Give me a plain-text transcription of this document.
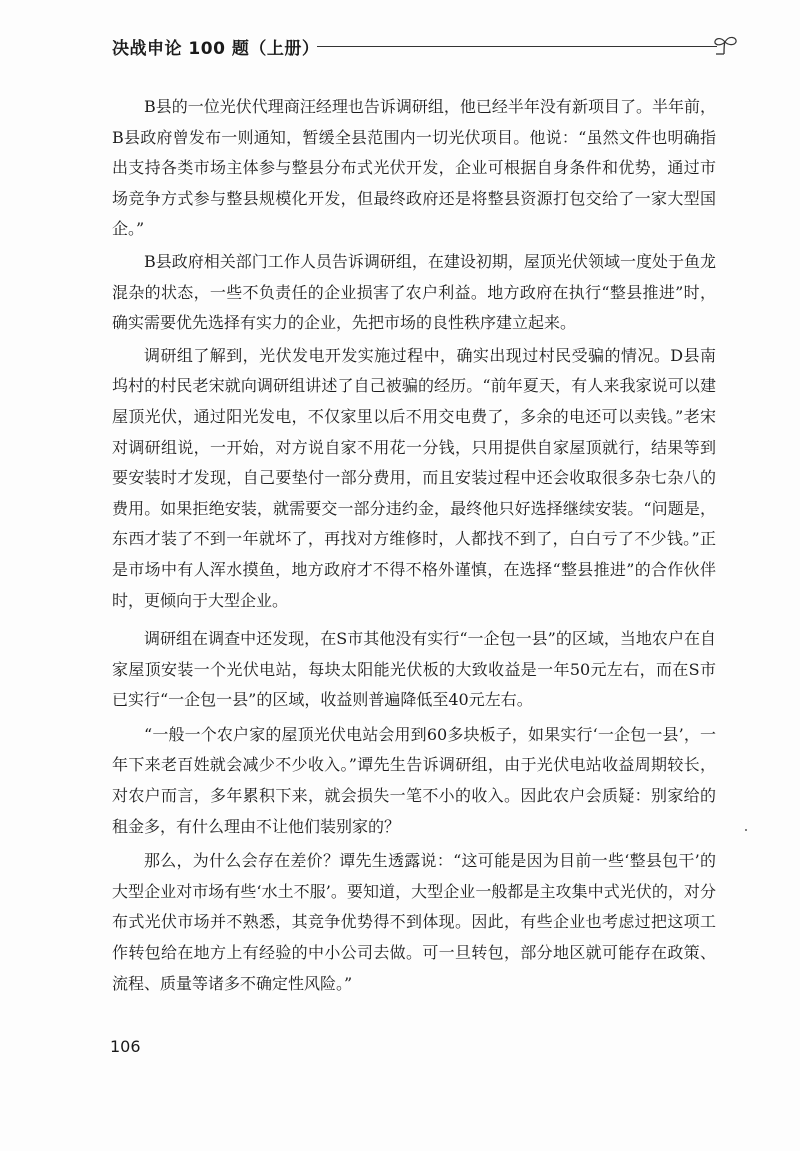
决战申论 100 题（上册）

B县的一位光伏代理商汪经理也告诉调研组，他已经半年没有新项目了。半年前，B县政府曾发布一则通知，暂缓全县范围内一切光伏项目。他说：“虽然文件也明确指出支持各类市场主体参与整县分布式光伏开发，企业可根据自身条件和优势，通过市场竞争方式参与整县规模化开发，但最终政府还是将整县资源打包交给了一家大型国企。”

B县政府相关部门工作人员告诉调研组，在建设初期，屋顶光伏领域一度处于鱼龙混杂的状态，一些不负责任的企业损害了农户利益。地方政府在执行“整县推进”时，确实需要优先选择有实力的企业，先把市场的良性秩序建立起来。

调研组了解到，光伏发电开发实施过程中，确实出现过村民受骗的情况。D县南坞村的村民老宋就向调研组讲述了自己被骗的经历。“前年夏天，有人来我家说可以建屋顶光伏，通过阳光发电，不仅家里以后不用交电费了，多余的电还可以卖钱。”老宋对调研组说，一开始，对方说自家不用花一分钱，只用提供自家屋顶就行，结果等到要安装时才发现，自己要垫付一部分费用，而且安装过程中还会收取很多杂七杂八的费用。如果拒绝安装，就需要交一部分违约金，最终他只好选择继续安装。“问题是，东西才装了不到一年就坏了，再找对方维修时，人都找不到了，白白亏了不少钱。”正是市场中有人浑水摸鱼，地方政府才不得不格外谨慎，在选择“整县推进”的合作伙伴时，更倾向于大型企业。

调研组在调查中还发现，在S市其他没有实行“一企包一县”的区域，当地农户在自家屋顶安装一个光伏电站，每块太阳能光伏板的大致收益是一年50元左右，而在S市已实行“一企包一县”的区域，收益则普遍降低至40元左右。

“一般一个农户家的屋顶光伏电站会用到60多块板子，如果实行‘一企包一县’，一年下来老百姓就会减少不少收入。”谭先生告诉调研组，由于光伏电站收益周期较长，对农户而言，多年累积下来，就会损失一笔不小的收入。因此农户会质疑：别家给的租金多，有什么理由不让他们装别家的？

那么，为什么会存在差价？谭先生透露说：“这可能是因为目前一些‘整县包干’的大型企业对市场有些‘水土不服’。要知道，大型企业一般都是主攻集中式光伏的，对分布式光伏市场并不熟悉，其竞争优势得不到体现。因此，有些企业也考虑过把这项工作转包给在地方上有经验的中小公司去做。可一旦转包，部分地区就可能存在政策、流程、质量等诸多不确定性风险。”

106
